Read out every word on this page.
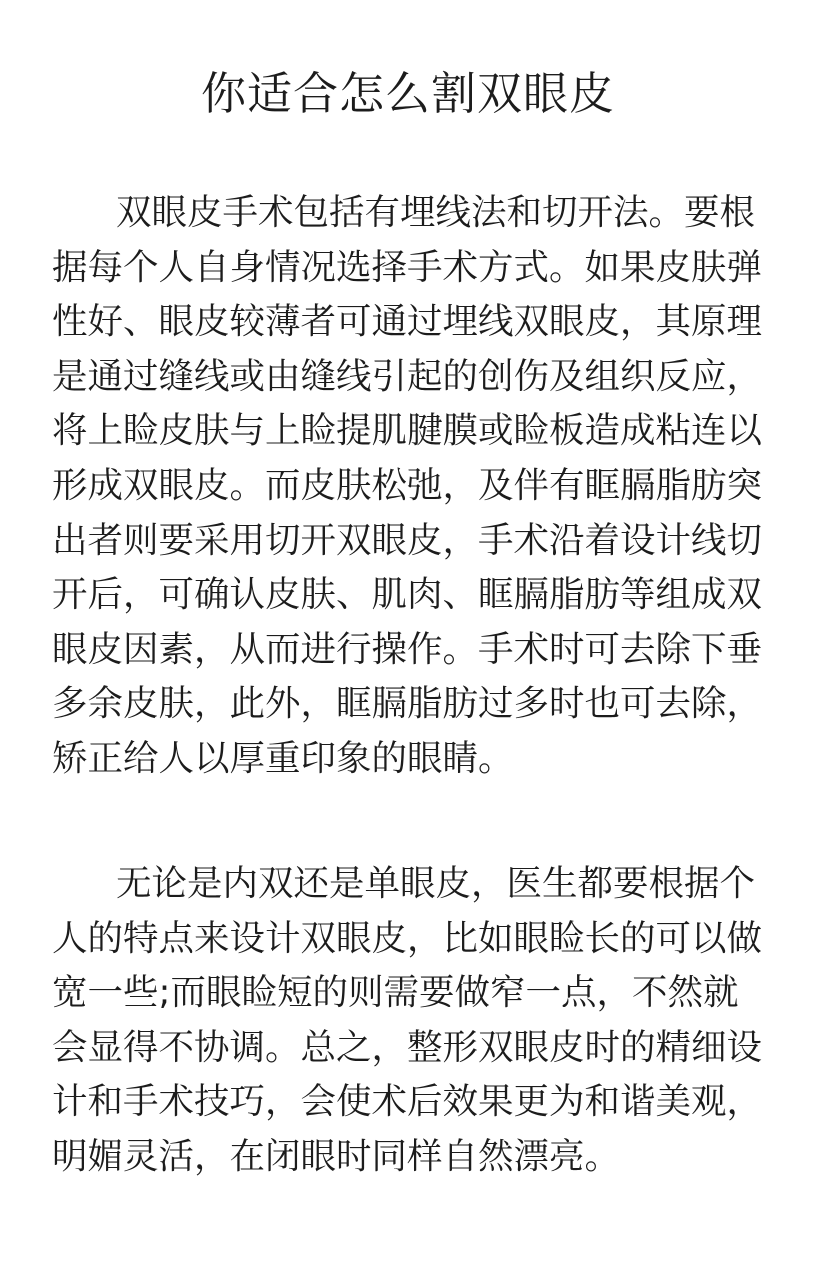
你适合怎么割双眼皮
双眼皮手术包括有埋线法和切开法。要根
据每个人自身情况选择手术方式。如果皮肤弹
性好、眼皮较薄者可通过埋线双眼皮，其原理
是通过缝线或由缝线引起的创伤及组织反应，
将上睑皮肤与上睑提肌腱膜或睑板造成粘连以
形成双眼皮。而皮肤松弛，及伴有眶膈脂肪突
出者则要采用切开双眼皮，手术沿着设计线切
开后，可确认皮肤、肌肉、眶膈脂肪等组成双
眼皮因素，从而进行操作。手术时可去除下垂
多余皮肤，此外，眶膈脂肪过多时也可去除，
矫正给人以厚重印象的眼睛。
无论是内双还是单眼皮，医生都要根据个
人的特点来设计双眼皮，比如眼睑长的可以做
宽一些;而眼睑短的则需要做窄一点，不然就
会显得不协调。总之，整形双眼皮时的精细设
计和手术技巧，会使术后效果更为和谐美观，
明媚灵活，在闭眼时同样自然漂亮。
